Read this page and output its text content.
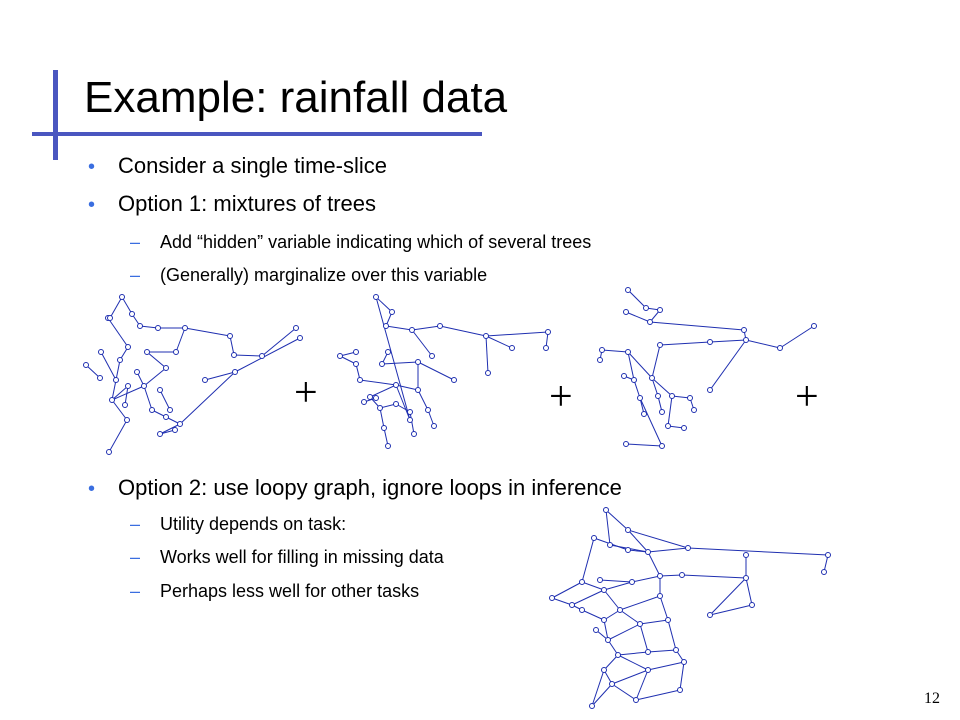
Example: rainfall data
• Consider a single time-slice
• Option 1: mixtures of trees
– Add “hidden” variable indicating which of several trees
– (Generally) marginalize over this variable
+	+	+
• Option 2: use loopy graph, ignore loops in inference
– Utility depends on task:
– Works well for filling in missing data
– Perhaps less well for other tasks
12
